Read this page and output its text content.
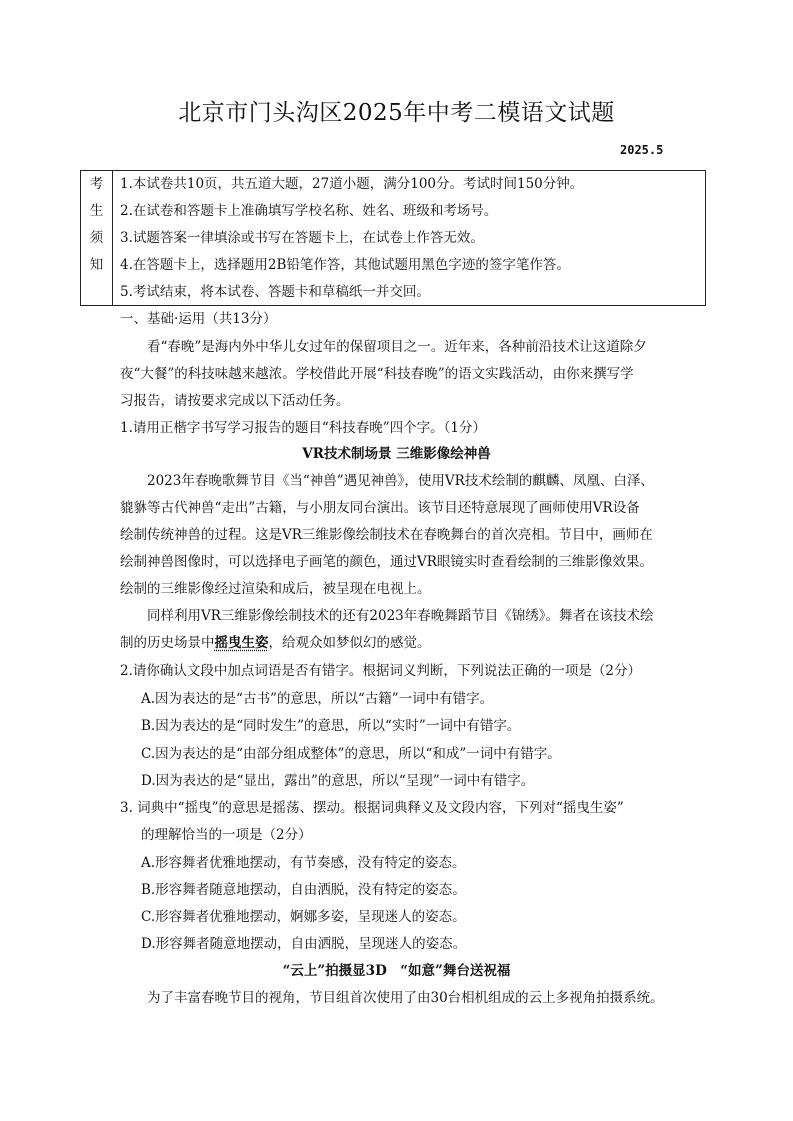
北京市门头沟区2025年中考二模语文试题
2025.5
考
生
须
知
1.本试卷共10页，共五道大题，27道小题，满分100分。考试时间150分钟。
2.在试卷和答题卡上准确填写学校名称、姓名、班级和考场号。
3.试题答案一律填涂或书写在答题卡上，在试卷上作答无效。
4.在答题卡上，选择题用2B铅笔作答，其他试题用黑色字迹的签字笔作答。
5.考试结束，将本试卷、答题卡和草稿纸一并交回。
一、基础·运用（共13分）
看“春晚”是海内外中华儿女过年的保留项目之一。近年来，各种前沿技术让这道除夕
夜“大餐”的科技味越来越浓。学校借此开展“科技春晚”的语文实践活动，由你来撰写学
习报告，请按要求完成以下活动任务。
1.请用正楷字书写学习报告的题目“科技春晚”四个字。（1分）
VR技术制场景 三维影像绘神兽
2023年春晚歌舞节目《当“神兽”遇见神兽》，使用VR技术绘制的麒麟、凤凰、白泽、
貔貅等古代神兽“走出”古籍，与小朋友同台演出。该节目还特意展现了画师使用VR设备
绘制传统神兽的过程。这是VR三维影像绘制技术在春晚舞台的首次亮相。节目中，画师在
绘制神兽图像时，可以选择电子画笔的颜色，通过VR眼镜实时查看绘制的三维影像效果。
绘制的三维影像经过渲染和成后，被呈现在电视上。
同样利用VR三维影像绘制技术的还有2023年春晚舞蹈节目《锦绣》。舞者在该技术绘
制的历史场景中摇曳生姿，给观众如梦似幻的感觉。
2.请你确认文段中加点词语是否有错字。根据词义判断，下列说法正确的一项是（2分）
A.因为表达的是“古书”的意思，所以“古籍”一词中有错字。
B.因为表达的是“同时发生”的意思，所以“实时”一词中有错字。
C.因为表达的是“由部分组成整体”的意思，所以“和成”一词中有错字。
D.因为表达的是“显出，露出”的意思，所以“呈现”一词中有错字。
3. 词典中“摇曳”的意思是摇荡、摆动。根据词典释义及文段内容，下列对“摇曳生姿”
的理解恰当的一项是（2分）
A.形容舞者优雅地摆动，有节奏感，没有特定的姿态。
B.形容舞者随意地摆动，自由洒脱，没有特定的姿态。
C.形容舞者优雅地摆动，婀娜多姿，呈现迷人的姿态。
D.形容舞者随意地摆动，自由洒脱，呈现迷人的姿态。
“云上”拍摄显3D　“如意”舞台送祝福
为了丰富春晚节目的视角，节目组首次使用了由30台相机组成的云上多视角拍摄系统。
